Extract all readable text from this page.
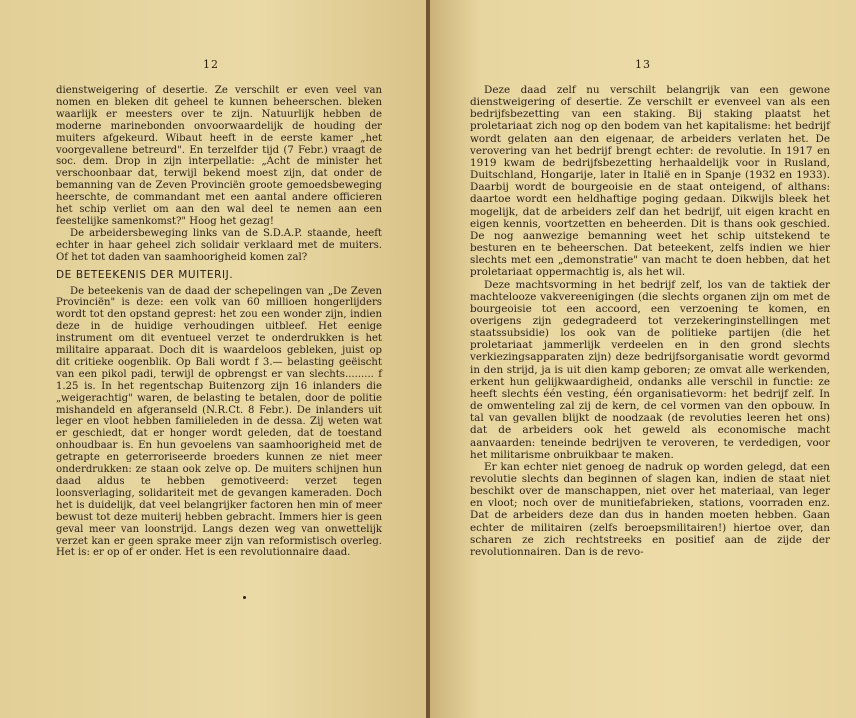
12

dienstweigering of desertie. Ze verschilt er even veel van nomen en bleken dit geheel te kunnen beheerschen. bleken waarlijk er meesters over te zijn. Natuurlijk hebben de moderne marinebonden onvoorwaardelijk de houding der muiters afgekeurd. Wibaut heeft in de eerste kamer „het voorgevallene betreurd". En terzelfder tijd (7 Febr.) vraagt de soc. dem. Drop in zijn interpellatie: „Acht de minister het verschoonbaar dat, terwijl bekend moest zijn, dat onder de bemanning van de Zeven Provinciën groote gemoedsbeweging heerschte, de commandant met een aantal andere officieren het schip verliet om aan den wal deel te nemen aan een feestelijke samenkomst?" Hoog het gezag!

De arbeidersbeweging links van de S.D.A.P. staande, heeft echter in haar geheel zich solidair verklaard met de muiters. Of het tot daden van saamhoorigheid komen zal?

DE BETEEKENIS DER MUITERIJ.

De beteekenis van de daad der schepelingen van „De Zeven Provinciën" is deze: een volk van 60 millioen hongerlijders wordt tot den opstand geprest: het zou een wonder zijn, indien deze in de huidige verhoudingen uitbleef. Het eenige instrument om dit eventueel verzet te onderdrukken is het militaire apparaat. Doch dit is waardeloos gebleken, juist op dit critieke oogenblik. Op Bali wordt f 3.— belasting geëischt van een pikol padi, terwijl de opbrengst er van slechts......... f 1.25 is. In het regentschap Buitenzorg zijn 16 inlanders die „weigerachtig" waren, de belasting te betalen, door de politie mishandeld en afgeranseld (N.R.Ct. 8 Febr.). De inlanders uit leger en vloot hebben familieleden in de dessa. Zij weten wat er geschiedt, dat er honger wordt geleden, dat de toestand onhoudbaar is. En hun gevoelens van saamhoorigheid met de getrapte en geterroriseerde broeders kunnen ze niet meer onderdrukken: ze staan ook zelve op. De muiters schijnen hun daad aldus te hebben gemotiveerd: verzet tegen loonsverlaging, solidariteit met de gevangen kameraden. Doch het is duidelijk, dat veel belangrijker factoren hen min of meer bewust tot deze muiterij hebben gebracht. Immers hier is geen geval meer van loonstrijd. Langs dezen weg van onwettelijk verzet kan er geen sprake meer zijn van reformistisch overleg. Het is: er op of er onder. Het is een revolutionnaire daad.

13

Deze daad zelf nu verschilt belangrijk van een gewone dienstweigering of desertie. Ze verschilt er evenveel van als een bedrijfsbezetting van een staking. Bij staking plaatst het proletariaat zich nog op den bodem van het kapitalisme: het bedrijf wordt gelaten aan den eigenaar, de arbeiders verlaten het. De verovering van het bedrijf brengt echter: de revolutie. In 1917 en 1919 kwam de bedrijfsbezetting herhaaldelijk voor in Rusland, Duitschland, Hongarije, later in Italië en in Spanje (1932 en 1933). Daarbij wordt de bourgeoisie en de staat onteigend, of althans: daartoe wordt een heldhaftige poging gedaan. Dikwijls bleek het mogelijk, dat de arbeiders zelf dan het bedrijf, uit eigen kracht en eigen kennis, voortzetten en beheerden. Dit is thans ook geschied. De nog aanwezige bemanning weet het schip uitstekend te besturen en te beheerschen. Dat beteekent, zelfs indien we hier slechts met een „demonstratie" van macht te doen hebben, dat het proletariaat oppermachtig is, als het wil.

Deze machtsvorming in het bedrijf zelf, los van de taktiek der machtelooze vakvereenigingen (die slechts organen zijn om met de bourgeoisie tot een accoord, een verzoening te komen, en overigens zijn gedegradeerd tot verzekeringinstellingen met staatssubsidie) los ook van de politieke partijen (die het proletariaat jammerlijk verdeelen en in den grond slechts verkiezingsapparaten zijn) deze bedrijfsorganisatie wordt gevormd in den strijd, ja is uit dien kamp geboren; ze omvat alle werkenden, erkent hun gelijkwaardigheid, ondanks alle verschil in functie: ze heeft slechts één vesting, één organisatievorm: het bedrijf zelf. In de omwenteling zal zij de kern, de cel vormen van den opbouw. In tal van gevallen blijkt de noodzaak (de revoluties leeren het ons) dat de arbeiders ook het geweld als economische macht aanvaarden: teneinde bedrijven te veroveren, te verdedigen, voor het militarisme onbruikbaar te maken.

Er kan echter niet genoeg de nadruk op worden gelegd, dat een revolutie slechts dan beginnen of slagen kan, indien de staat niet beschikt over de manschappen, niet over het materiaal, van leger en vloot; noch over de munitiefabrieken, stations, voorraden enz. Dat de arbeiders deze dan dus in handen moeten hebben. Gaan echter de militairen (zelfs beroepsmilitairen!) hiertoe over, dan scharen ze zich rechtstreeks en positief aan de zijde der revolutionnairen. Dan is de revo-
